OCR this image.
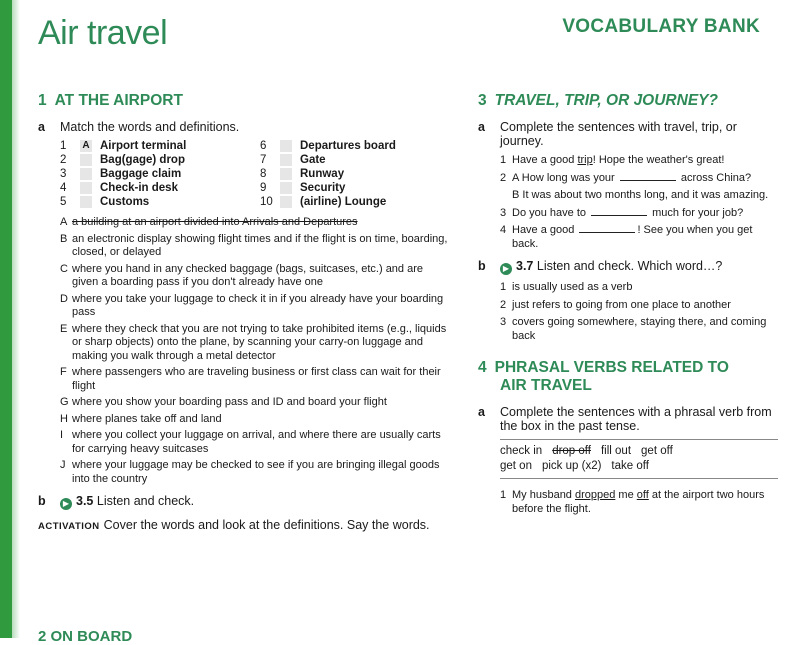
Air travel	VOCABULARY BANK
1 AT THE AIRPORT
a	Match the words and definitions.
1	A Airport terminal	6	Departures board
2	Bag(gage) drop	7	Gate
3	Baggage claim	8	Runway
4	Check-in desk	9	Security
5	Customs	10 (airline) Lounge
A a building at an airport divided into Arrivals and Departures
B an electronic display showing flight times and if the flight is on time, boarding, closed, or delayed
C where you hand in any checked baggage (bags, suitcases, etc.) and are given a boarding pass if you don't already have one
D where you take your luggage to check it in if you already have your boarding pass
E where they check that you are not trying to take prohibited items (e.g., liquids or sharp objects) onto the plane, by scanning your carry-on luggage and making you walk through a metal detector
F where passengers who are traveling business or first class can wait for their flight
G where you show your boarding pass and ID and board your flight
H where planes take off and land
I where you collect your luggage on arrival, and where there are usually carts for carrying heavy suitcases
J where your luggage may be checked to see if you are bringing illegal goods into the country
b	▶ 3.5 Listen and check.
ACTIVATION Cover the words and look at the definitions. Say the words.
3 TRAVEL, TRIP, OR JOURNEY?
a	Complete the sentences with travel, trip, or journey.
1 Have a good trip! Hope the weather's great!
2 A How long was your	across China?
B It was about two months long, and it was amazing.
3 Do you have to	much for your job?
4 Have a good	! See you when you get back.
b	▶ 3.7 Listen and check. Which word…?
1 is usually used as a verb
2 just refers to going from one place to another
3 covers going somewhere, staying there, and coming back
4 PHRASAL VERBS RELATED TO
AIR TRAVEL
a	Complete the sentences with a phrasal verb from the box in the past tense.
check in drop off fill out get off
get on pick up (x2) take off
1 My husband dropped me off at the airport two hours before the flight.
2 ON BOARD
